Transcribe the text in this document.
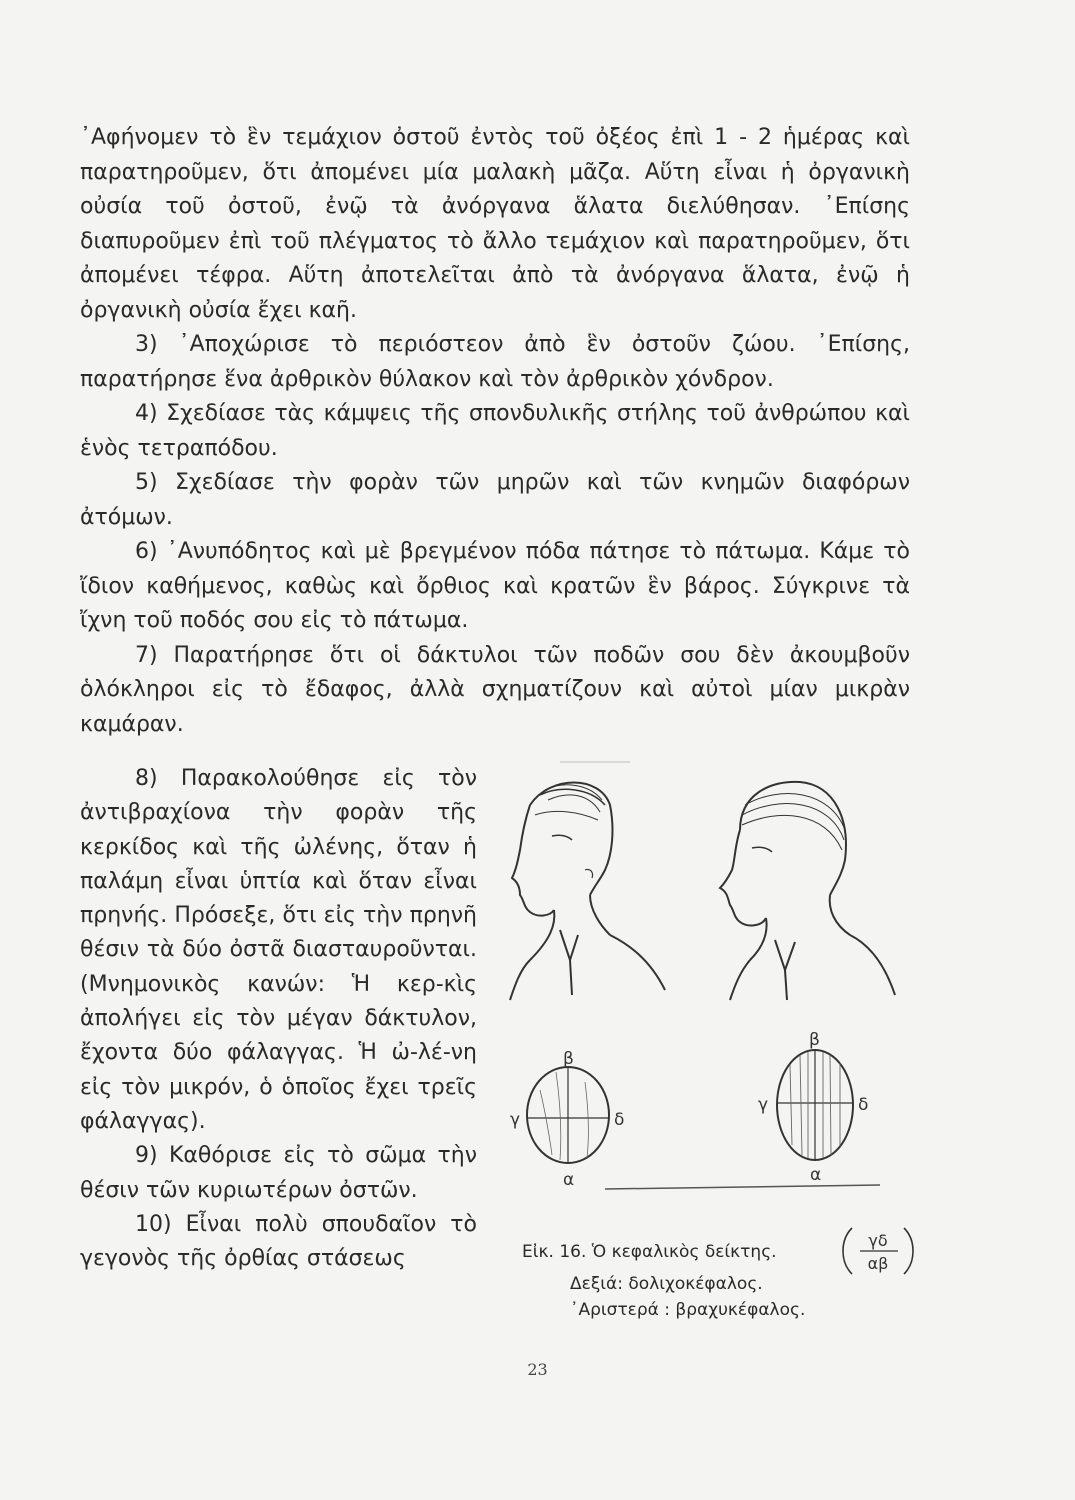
᾿Αφήνομεν τὸ ἓν τεμάχιον ὀστοῦ ἐντὸς τοῦ ὀξέος ἐπὶ 1 - 2 ἡμέρας καὶ παρατηροῦμεν, ὅτι ἀπομένει μία μαλακὴ μᾶζα. Αὕτη εἶναι ἡ ὀργανικὴ οὐσία τοῦ ὀστοῦ, ἐνῷ τὰ ἀνόργανα ἅλατα διελύθησαν. ᾿Επίσης διαπυροῦμεν ἐπὶ τοῦ πλέγματος τὸ ἄλλο τεμάχιον καὶ παρατηροῦμεν, ὅτι ἀπομένει τέφρα. Αὕτη ἀποτελεῖται ἀπὸ τὰ ἀνόργανα ἅλατα, ἐνῷ ἡ ὀργανικὴ οὐσία ἔχει καῆ.

3) ᾿Αποχώρισε τὸ περιόστεον ἀπὸ ἓν ὀστοῦν ζώου. ᾿Επίσης, παρατήρησε ἕνα ἀρθρικὸν θύλακον καὶ τὸν ἀρθρικὸν χόνδρον.

4) Σχεδίασε τὰς κάμψεις τῆς σπονδυλικῆς στήλης τοῦ ἀνθρώπου καὶ ἑνὸς τετραπόδου.

5) Σχεδίασε τὴν φορὰν τῶν μηρῶν καὶ τῶν κνημῶν διαφόρων ἀτόμων.

6) ᾿Ανυπόδητος καὶ μὲ βρεγμένον πόδα πάτησε τὸ πάτωμα. Κάμε τὸ ἴδιον καθήμενος, καθὼς καὶ ὄρθιος καὶ κρατῶν ἓν βάρος. Σύγκρινε τὰ ἴχνη τοῦ ποδός σου εἰς τὸ πάτωμα.

7) Παρατήρησε ὅτι οἱ δάκτυλοι τῶν ποδῶν σου δὲν ἀκουμβοῦν ὁλόκληροι εἰς τὸ ἔδαφος, ἀλλὰ σχηματίζουν καὶ αὐτοὶ μίαν μικρὰν καμάραν.

8) Παρακολούθησε εἰς τὸν ἀντιβραχίονα τὴν φορὰν τῆς κερκίδος καὶ τῆς ὠλένης, ὅταν ἡ παλάμη εἶναι ὑπτία καὶ ὅταν εἶναι πρηνής. Πρόσεξε, ὅτι εἰς τὴν πρηνῆ θέσιν τὰ δύο ὀστᾶ διασταυροῦνται. (Μνημονικὸς κανών: Ἡ κερ-κὶς ἀπολήγει εἰς τὸν μέγαν δάκτυλον, ἔχοντα δύο φάλαγγας. Ἡ ὠ-λέ-νη εἰς τὸν μικρόν, ὁ ὁποῖος ἔχει τρεῖς φάλαγγας).

9) Καθόρισε εἰς τὸ σῶμα τὴν θέσιν τῶν κυριωτέρων ὀστῶν.

10) Εἶναι πολὺ σπουδαῖον τὸ γεγονὸς τῆς ὀρθίας στάσεως

β
γ	δ
α
β
γ	δ
α
Εἰκ. 16. Ὁ κεφαλικὸς δείκτης.
Δεξιά: δολιχοκέφαλος.
᾿Αριστερά : βραχυκέφαλος.
γδ
αβ
23
